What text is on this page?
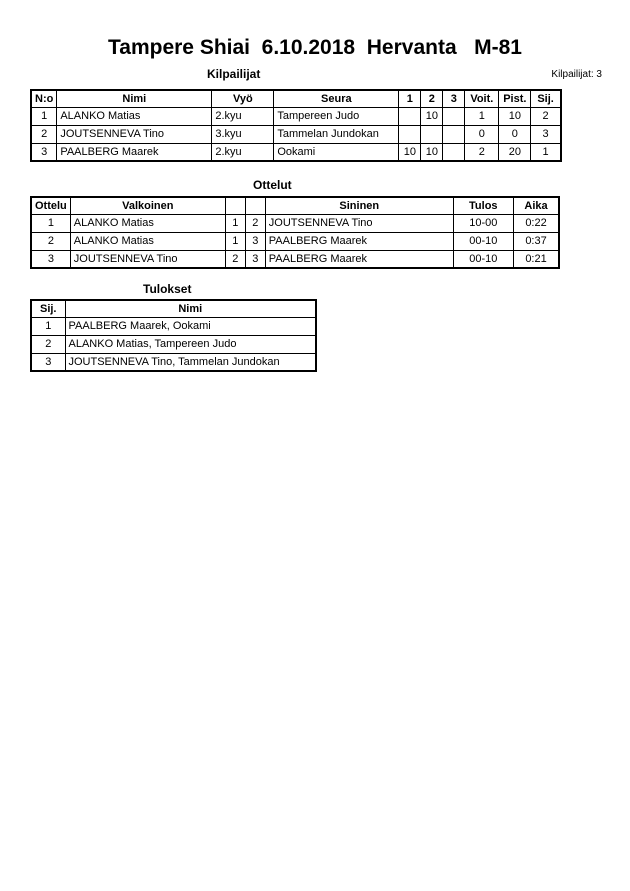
Tampere Shiai  6.10.2018  Hervanta   M-81
Kilpailijat: 3
Kilpailijat
N:o	Nimi	Vyö	Seura	1	2	3	Voit.	Pist.	Sij.
1	ALANKO Matias	2.kyu	Tampereen Judo		10		1	10	2
2	JOUTSENNEVA Tino	3.kyu	Tammelan Jundokan				0	0	3
3	PAALBERG Maarek	2.kyu	Ookami	10	10		2	20	1
Ottelut
Ottelu	Valkoinen			Sininen	Tulos	Aika
1	ALANKO Matias	1	2	JOUTSENNEVA Tino	10-00	0:22
2	ALANKO Matias	1	3	PAALBERG Maarek	00-10	0:37
3	JOUTSENNEVA Tino	2	3	PAALBERG Maarek	00-10	0:21
Tulokset
Sij.	Nimi
1	PAALBERG Maarek, Ookami
2	ALANKO Matias, Tampereen Judo
3	JOUTSENNEVA Tino, Tammelan Jundokan
